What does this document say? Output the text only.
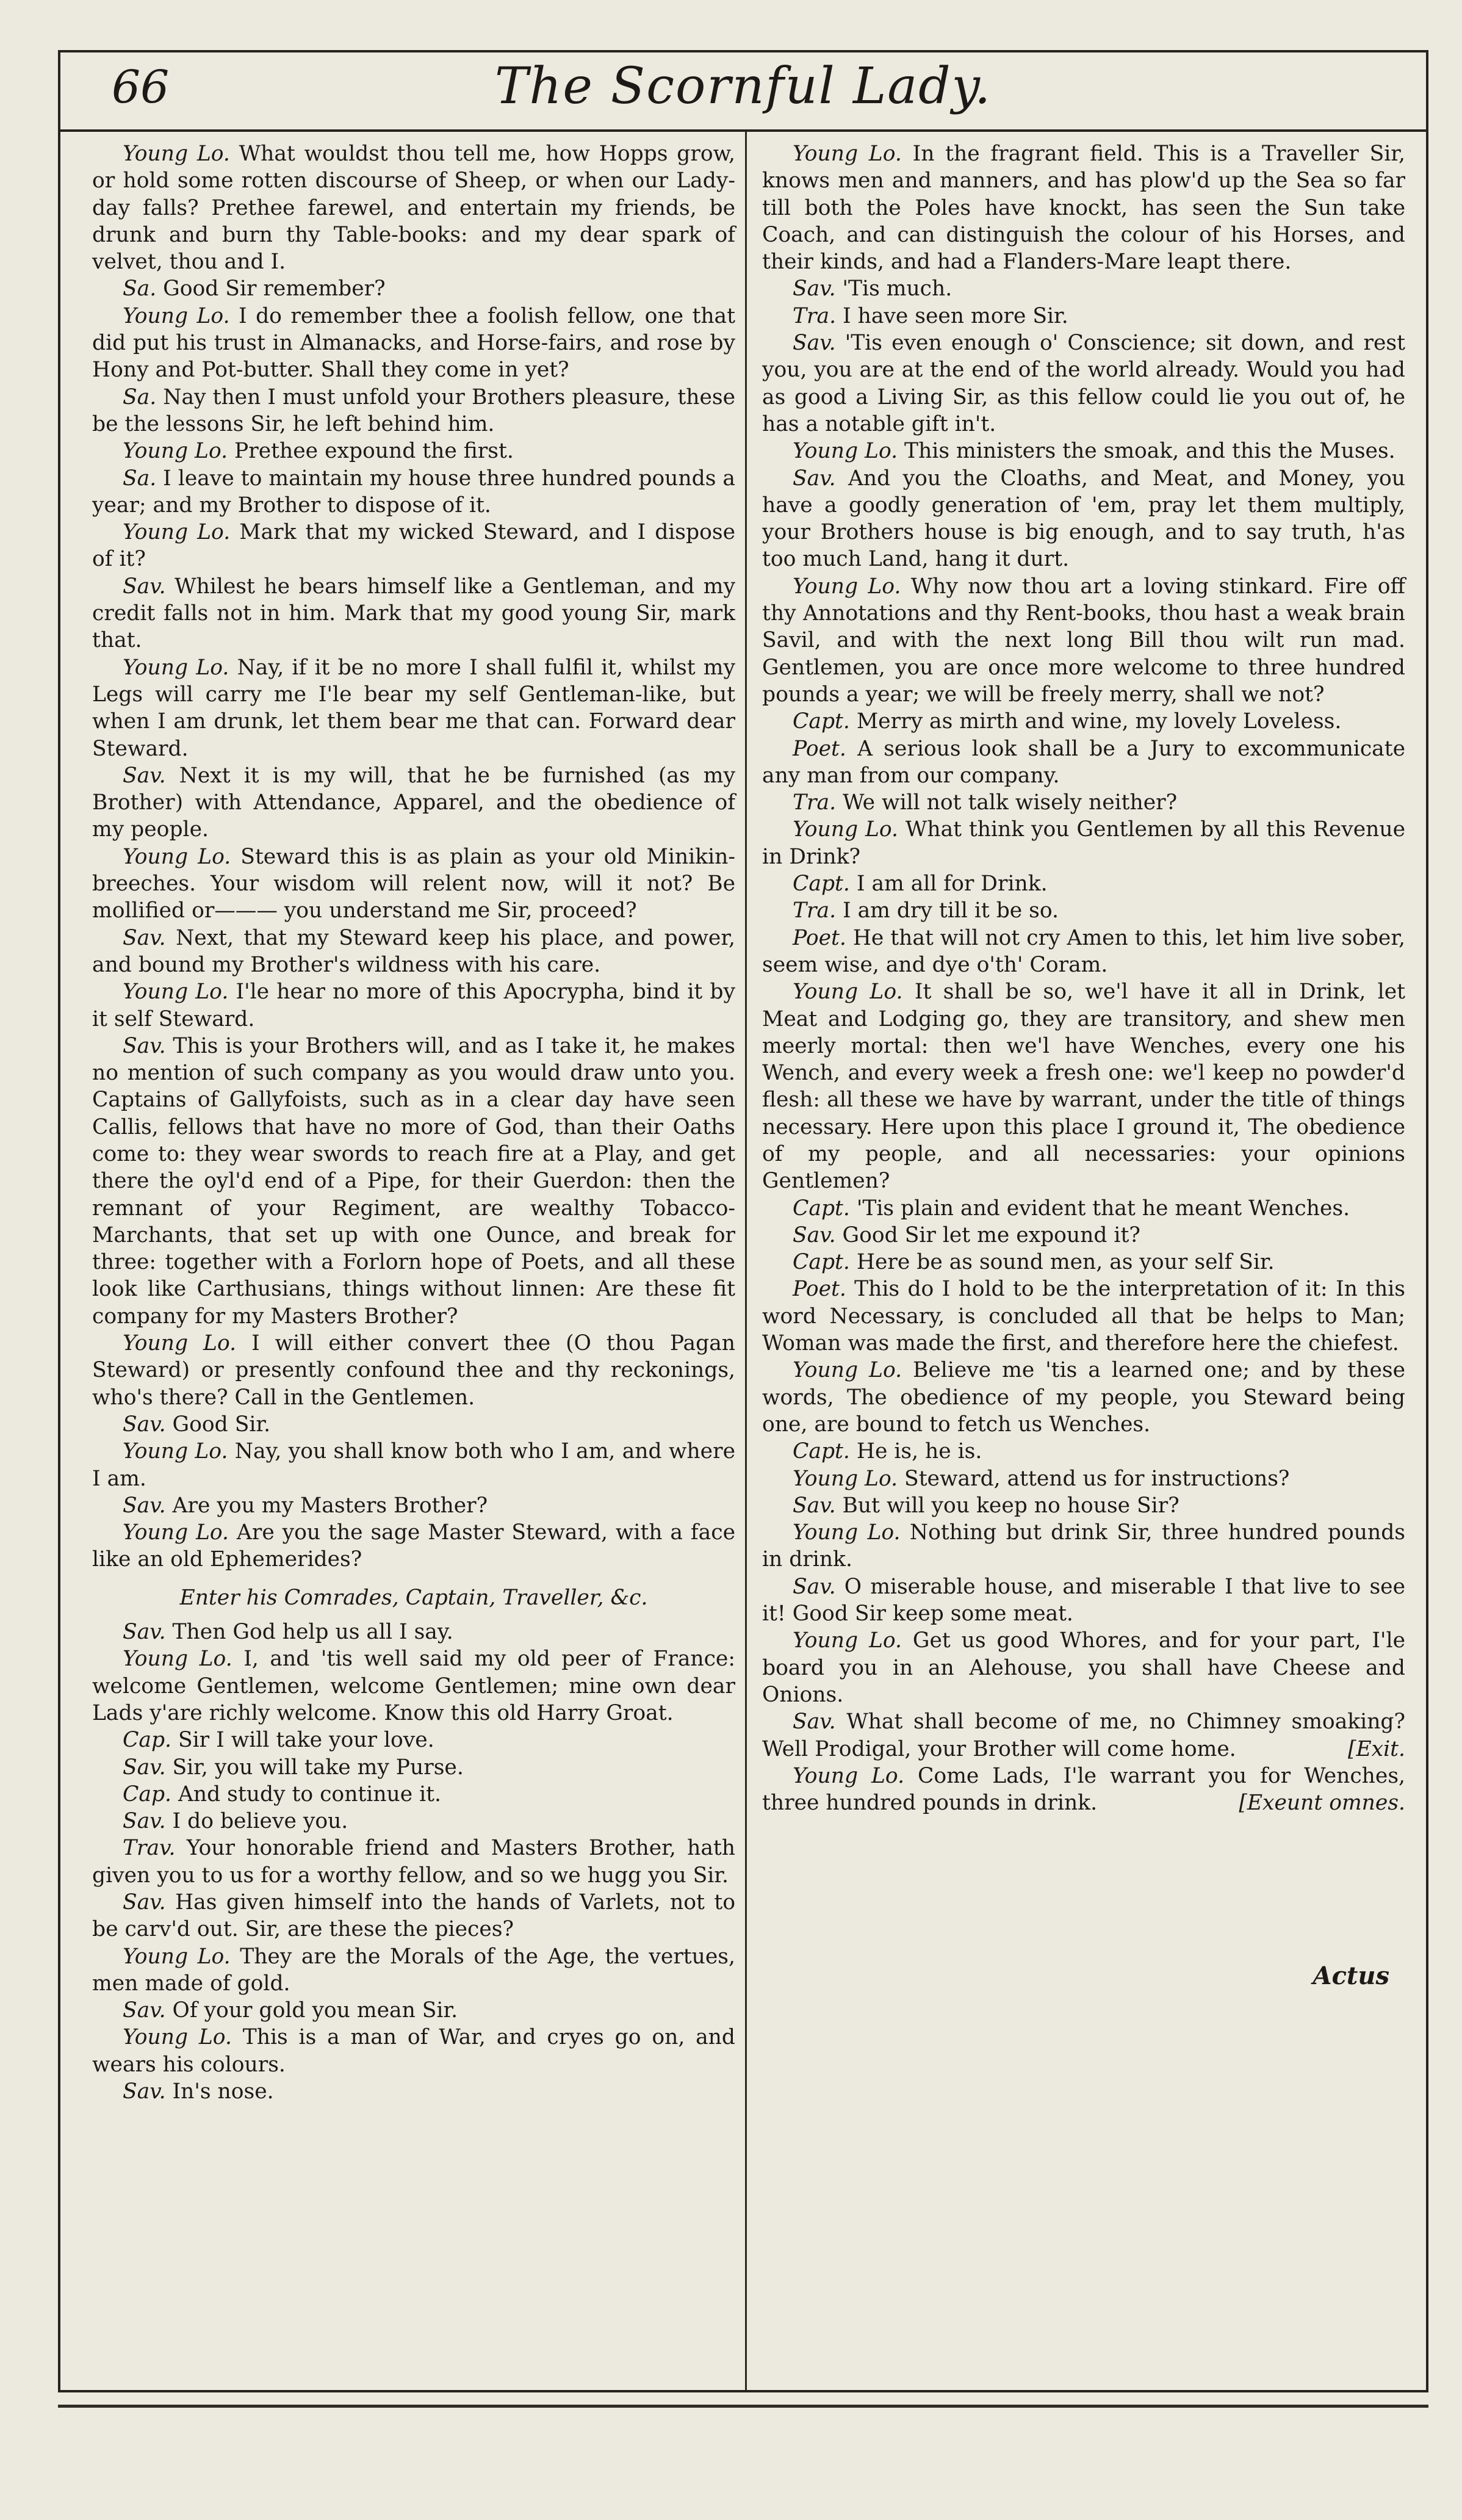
66	The Scornful Lady.

Young Lo. What wouldst thou tell me, how Hopps grow, or hold some rotten discourse of Sheep, or when our Lady-day falls? Prethee farewel, and entertain my friends, be drunk and burn thy Table-books: and my dear spark of velvet, thou and I.

Sa. Good Sir remember?

Young Lo. I do remember thee a foolish fellow, one that did put his trust in Almanacks, and Horse-fairs, and rose by Hony and Pot-butter. Shall they come in yet?

Sa. Nay then I must unfold your Brothers pleasure, these be the lessons Sir, he left behind him.

Young Lo. Prethee expound the first.

Sa. I leave to maintain my house three hundred pounds a year; and my Brother to dispose of it.

Young Lo. Mark that my wicked Steward, and I dispose of it?

Sav. Whilest he bears himself like a Gentleman, and my credit falls not in him. Mark that my good young Sir, mark that.

Young Lo. Nay, if it be no more I shall fulfil it, whilst my Legs will carry me I'le bear my self Gentleman-like, but when I am drunk, let them bear me that can. Forward dear Steward.

Sav. Next it is my will, that he be furnished (as my Brother) with Attendance, Apparel, and the obedience of my people.

Young Lo. Steward this is as plain as your old Minikin-breeches. Your wisdom will relent now, will it not? Be mollified or——— you understand me Sir, proceed?

Sav. Next, that my Steward keep his place, and power, and bound my Brother's wildness with his care.

Young Lo. I'le hear no more of this Apocrypha, bind it by it self Steward.

Sav. This is your Brothers will, and as I take it, he makes no mention of such company as you would draw unto you. Captains of Gallyfoists, such as in a clear day have seen Callis, fellows that have no more of God, than their Oaths come to: they wear swords to reach fire at a Play, and get there the oyl'd end of a Pipe, for their Guerdon: then the remnant of your Regiment, are wealthy Tobacco-Marchants, that set up with one Ounce, and break for three: together with a Forlorn hope of Poets, and all these look like Carthusians, things without linnen: Are these fit company for my Masters Brother?

Young Lo. I will either convert thee (O thou Pagan Steward) or presently confound thee and thy reckonings, who's there? Call in the Gentlemen.

Sav. Good Sir.

Young Lo. Nay, you shall know both who I am, and where I am.

Sav. Are you my Masters Brother?

Young Lo. Are you the sage Master Steward, with a face like an old Ephemerides?

Enter his Comrades, Captain, Traveller, &c.

Sav. Then God help us all I say.

Young Lo. I, and 'tis well said my old peer of France: welcome Gentlemen, welcome Gentlemen; mine own dear Lads y'are richly welcome. Know this old Harry Groat.

Cap. Sir I will take your love.

Sav. Sir, you will take my Purse.

Cap. And study to continue it.

Sav. I do believe you.

Trav. Your honorable friend and Masters Brother, hath given you to us for a worthy fellow, and so we hugg you Sir.

Sav. Has given himself into the hands of Varlets, not to be carv'd out. Sir, are these the pieces?

Young Lo. They are the Morals of the Age, the vertues, men made of gold.

Sav. Of your gold you mean Sir.

Young Lo. This is a man of War, and cryes go on, and wears his colours.

Sav. In's nose.

Young Lo. In the fragrant field. This is a Traveller Sir, knows men and manners, and has plow'd up the Sea so far till both the Poles have knockt, has seen the Sun take Coach, and can distinguish the colour of his Horses, and their kinds, and had a Flanders-Mare leapt there.

Sav. 'Tis much.

Tra. I have seen more Sir.

Sav. 'Tis even enough o' Conscience; sit down, and rest you, you are at the end of the world already. Would you had as good a Living Sir, as this fellow could lie you out of, he has a notable gift in't.

Young Lo. This ministers the smoak, and this the Muses.

Sav. And you the Cloaths, and Meat, and Money, you have a goodly generation of 'em, pray let them multiply, your Brothers house is big enough, and to say truth, h'as too much Land, hang it durt.

Young Lo. Why now thou art a loving stinkard. Fire off thy Annotations and thy Rent-books, thou hast a weak brain Savil, and with the next long Bill thou wilt run mad. Gentlemen, you are once more welcome to three hundred pounds a year; we will be freely merry, shall we not?

Capt. Merry as mirth and wine, my lovely Loveless.

Poet. A serious look shall be a Jury to excommunicate any man from our company.

Tra. We will not talk wisely neither?

Young Lo. What think you Gentlemen by all this Revenue in Drink?

Capt. I am all for Drink.

Tra. I am dry till it be so.

Poet. He that will not cry Amen to this, let him live sober, seem wise, and dye o'th' Coram.

Young Lo. It shall be so, we'l have it all in Drink, let Meat and Lodging go, they are transitory, and shew men meerly mortal: then we'l have Wenches, every one his Wench, and every week a fresh one: we'l keep no powder'd flesh: all these we have by warrant, under the title of things necessary. Here upon this place I ground it, The obedience of my people, and all necessaries: your opinions Gentlemen?

Capt. 'Tis plain and evident that he meant Wenches.

Sav. Good Sir let me expound it?

Capt. Here be as sound men, as your self Sir.

Poet. This do I hold to be the interpretation of it: In this word Necessary, is concluded all that be helps to Man; Woman was made the first, and therefore here the chiefest.

Young Lo. Believe me 'tis a learned one; and by these words, The obedience of my people, you Steward being one, are bound to fetch us Wenches.

Capt. He is, he is.

Young Lo. Steward, attend us for instructions?

Sav. But will you keep no house Sir?

Young Lo. Nothing but drink Sir, three hundred pounds in drink.

Sav. O miserable house, and miserable I that live to see it! Good Sir keep some meat.

Young Lo. Get us good Whores, and for your part, I'le board you in an Alehouse, you shall have Cheese and Onions.

Sav. What shall become of me, no Chimney smoaking? Well Prodigal, your Brother will come home.	[Exit.

Young Lo. Come Lads, I'le warrant you for Wenches, three hundred pounds in drink.	[Exeunt omnes.

Actus
